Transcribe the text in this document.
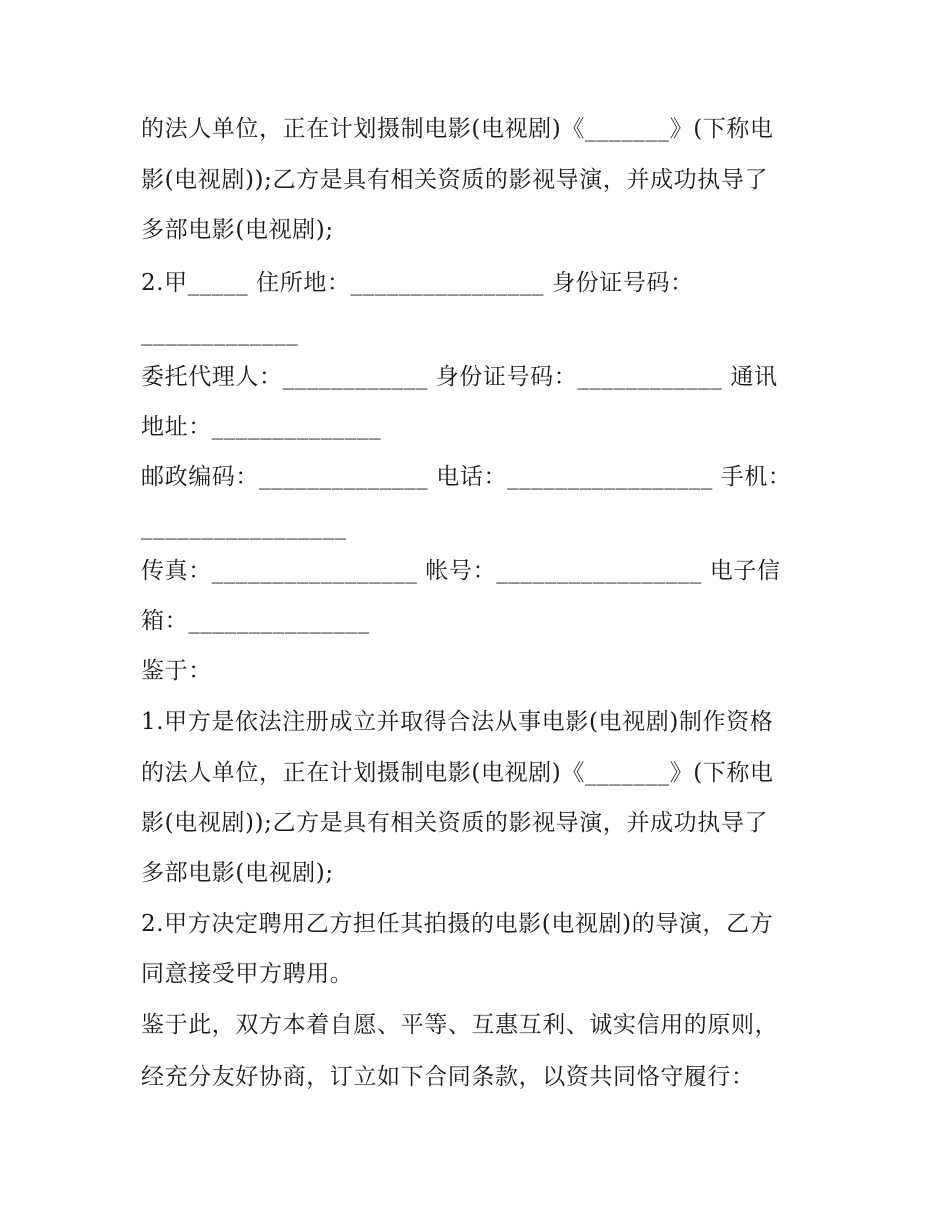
的法人单位，正在计划摄制电影(电视剧)《_______》(下称电
影(电视剧));乙方是具有相关资质的影视导演，并成功执导了
多部电影(电视剧);
2.甲_____ 住所地：________________ 身份证号码：
_____________
委托代理人：____________ 身份证号码：____________ 通讯
地址：______________
邮政编码：______________ 电话：_________________ 手机：
_________________
传真：_________________ 帐号：_________________ 电子信
箱：_______________
鉴于：
1.甲方是依法注册成立并取得合法从事电影(电视剧)制作资格
的法人单位，正在计划摄制电影(电视剧)《_______》(下称电
影(电视剧));乙方是具有相关资质的影视导演，并成功执导了
多部电影(电视剧);
2.甲方决定聘用乙方担任其拍摄的电影(电视剧)的导演，乙方
同意接受甲方聘用。
鉴于此，双方本着自愿、平等、互惠互利、诚实信用的原则，
经充分友好协商，订立如下合同条款，以资共同恪守履行：
